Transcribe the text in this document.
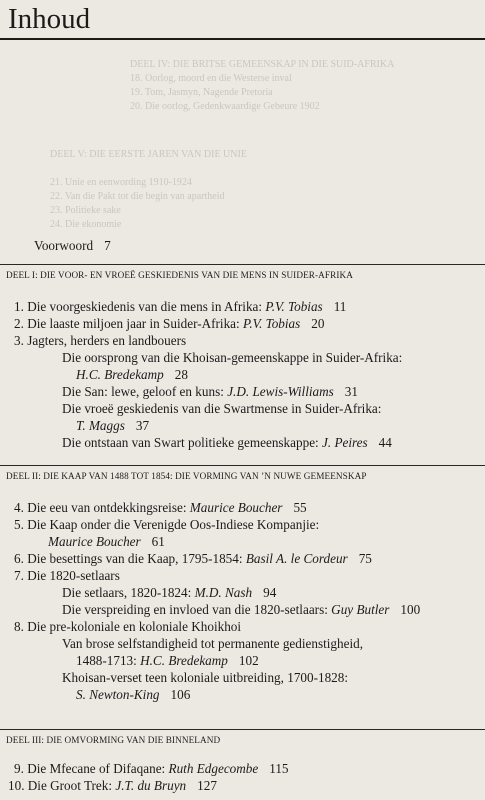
DEEL IV: DIE BRITSE GEMEENSKAP IN DIE SUID-AFRIKA
18. Oorlog, moord en die Westerse inval
19. Tom, Jasmyn, Nagende Pretoria
20. Die oorlog, Gedenkwaardige Gebeure 1902
DEEL V: DIE EERSTE JAREN VAN DIE UNIE
21. Unie en eenwording 1910-1924
22. Van die Pakt tot die begin van apartheid
23. Politieke sake
24. Die ekonomie
Inhoud
Voorwoord 7
DEEL I: DIE VOOR- EN VROEË GESKIEDENIS VAN DIE MENS IN SUIDER-AFRIKA
1. Die voorgeskiedenis van die mens in Afrika: P.V. Tobias 11
2. Die laaste miljoen jaar in Suider-Afrika: P.V. Tobias 20
3. Jagters, herders en landbouers
Die oorsprong van die Khoisan-gemeenskappe in Suider-Afrika:
H.C. Bredekamp 28
Die San: lewe, geloof en kuns: J.D. Lewis-Williams 31
Die vroeë geskiedenis van die Swartmense in Suider-Afrika:
T. Maggs 37
Die ontstaan van Swart politieke gemeenskappe: J. Peires 44
DEEL II: DIE KAAP VAN 1488 TOT 1854: DIE VORMING VAN ʼN NUWE GEMEENSKAP
4. Die eeu van ontdekkingsreise: Maurice Boucher 55
5. Die Kaap onder die Verenigde Oos-Indiese Kompanjie:
Maurice Boucher 61
6. Die besettings van die Kaap, 1795-1854: Basil A. le Cordeur 75
7. Die 1820-setlaars
Die setlaars, 1820-1824: M.D. Nash 94
Die verspreiding en invloed van die 1820-setlaars: Guy Butler 100
8. Die pre-koloniale en koloniale Khoikhoi
Van brose selfstandigheid tot permanente gedienstigheid,
1488-1713: H.C. Bredekamp 102
Khoisan-verset teen koloniale uitbreiding, 1700-1828:
S. Newton-King 106
DEEL III: DIE OMVORMING VAN DIE BINNELAND
9. Die Mfecane of Difaqane: Ruth Edgecombe 115
10. Die Groot Trek: J.T. du Bruyn 127
